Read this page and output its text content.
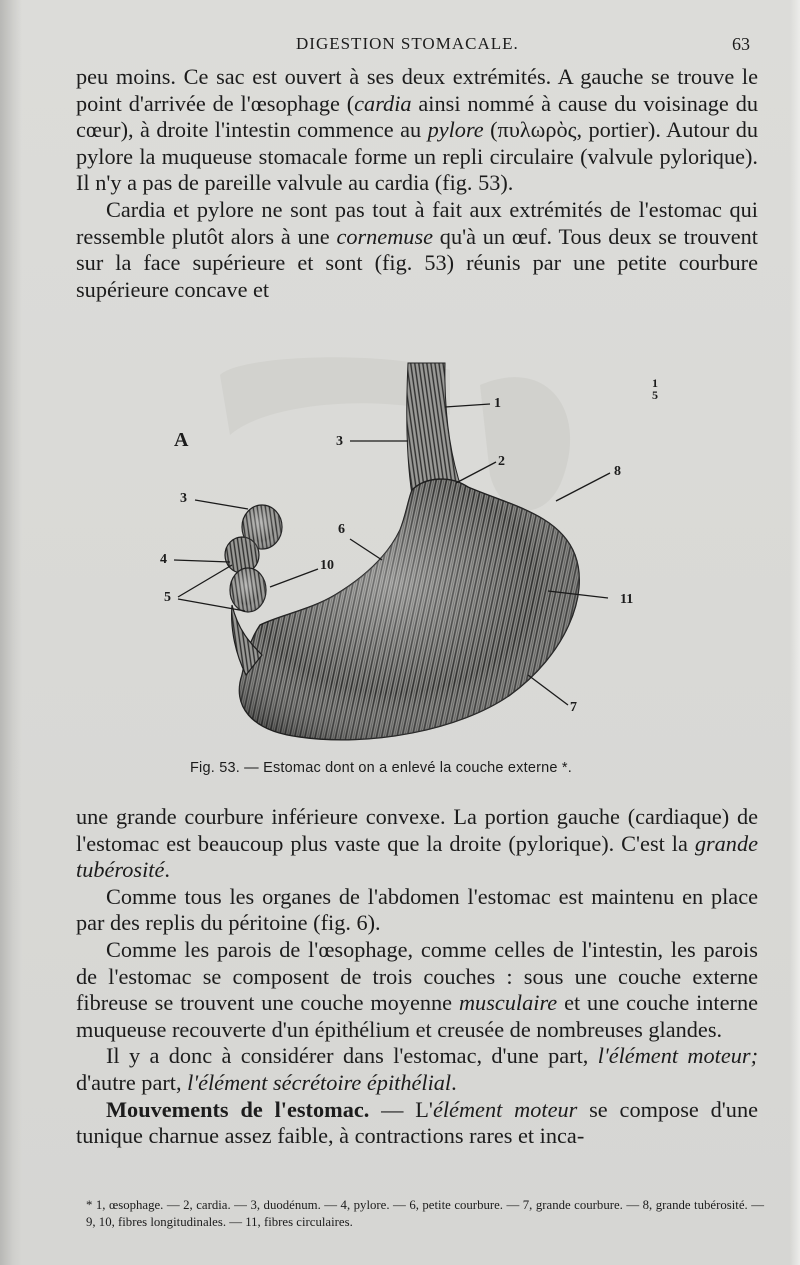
DIGESTION STOMACALE.	63

peu moins. Ce sac est ouvert à ses deux extrémités. A gauche se trouve le point d'arrivée de l'œsophage (cardia ainsi nommé à cause du voisinage du cœur), à droite l'intestin commence au pylore (πυλωρὸς, portier). Autour du pylore la muqueuse stomacale forme un repli circulaire (valvule pylorique). Il n'y a pas de pareille valvule au cardia (fig. 53).

Cardia et pylore ne sont pas tout à fait aux extrémités de l'estomac qui ressemble plutôt alors à une cornemuse qu'à un œuf. Tous deux se trouvent sur la face supérieure et sont (fig. 53) réunis par une petite courbure supérieure concave et

A
1
3
2
8
3
6
4	10
5	11
7
1
5
Fig. 53. — Estomac dont on a enlevé la couche externe *.

une grande courbure inférieure convexe. La portion gauche (cardiaque) de l'estomac est beaucoup plus vaste que la droite (pylorique). C'est la grande tubérosité.

Comme tous les organes de l'abdomen l'estomac est maintenu en place par des replis du péritoine (fig. 6).

Comme les parois de l'œsophage, comme celles de l'intestin, les parois de l'estomac se composent de trois couches : sous une couche externe fibreuse se trouvent une couche moyenne musculaire et une couche interne muqueuse recouverte d'un épithélium et creusée de nombreuses glandes.

Il y a donc à considérer dans l'estomac, d'une part, l'élément moteur; d'autre part, l'élément sécrétoire épithélial.

Mouvements de l'estomac. — L'élément moteur se compose d'une tunique charnue assez faible, à contractions rares et inca-

* 1, œsophage. — 2, cardia. — 3, duodénum. — 4, pylore. — 6, petite courbure. — 7, grande courbure. — 8, grande tubérosité. — 9, 10, fibres longitudinales. — 11, fibres circulaires.
